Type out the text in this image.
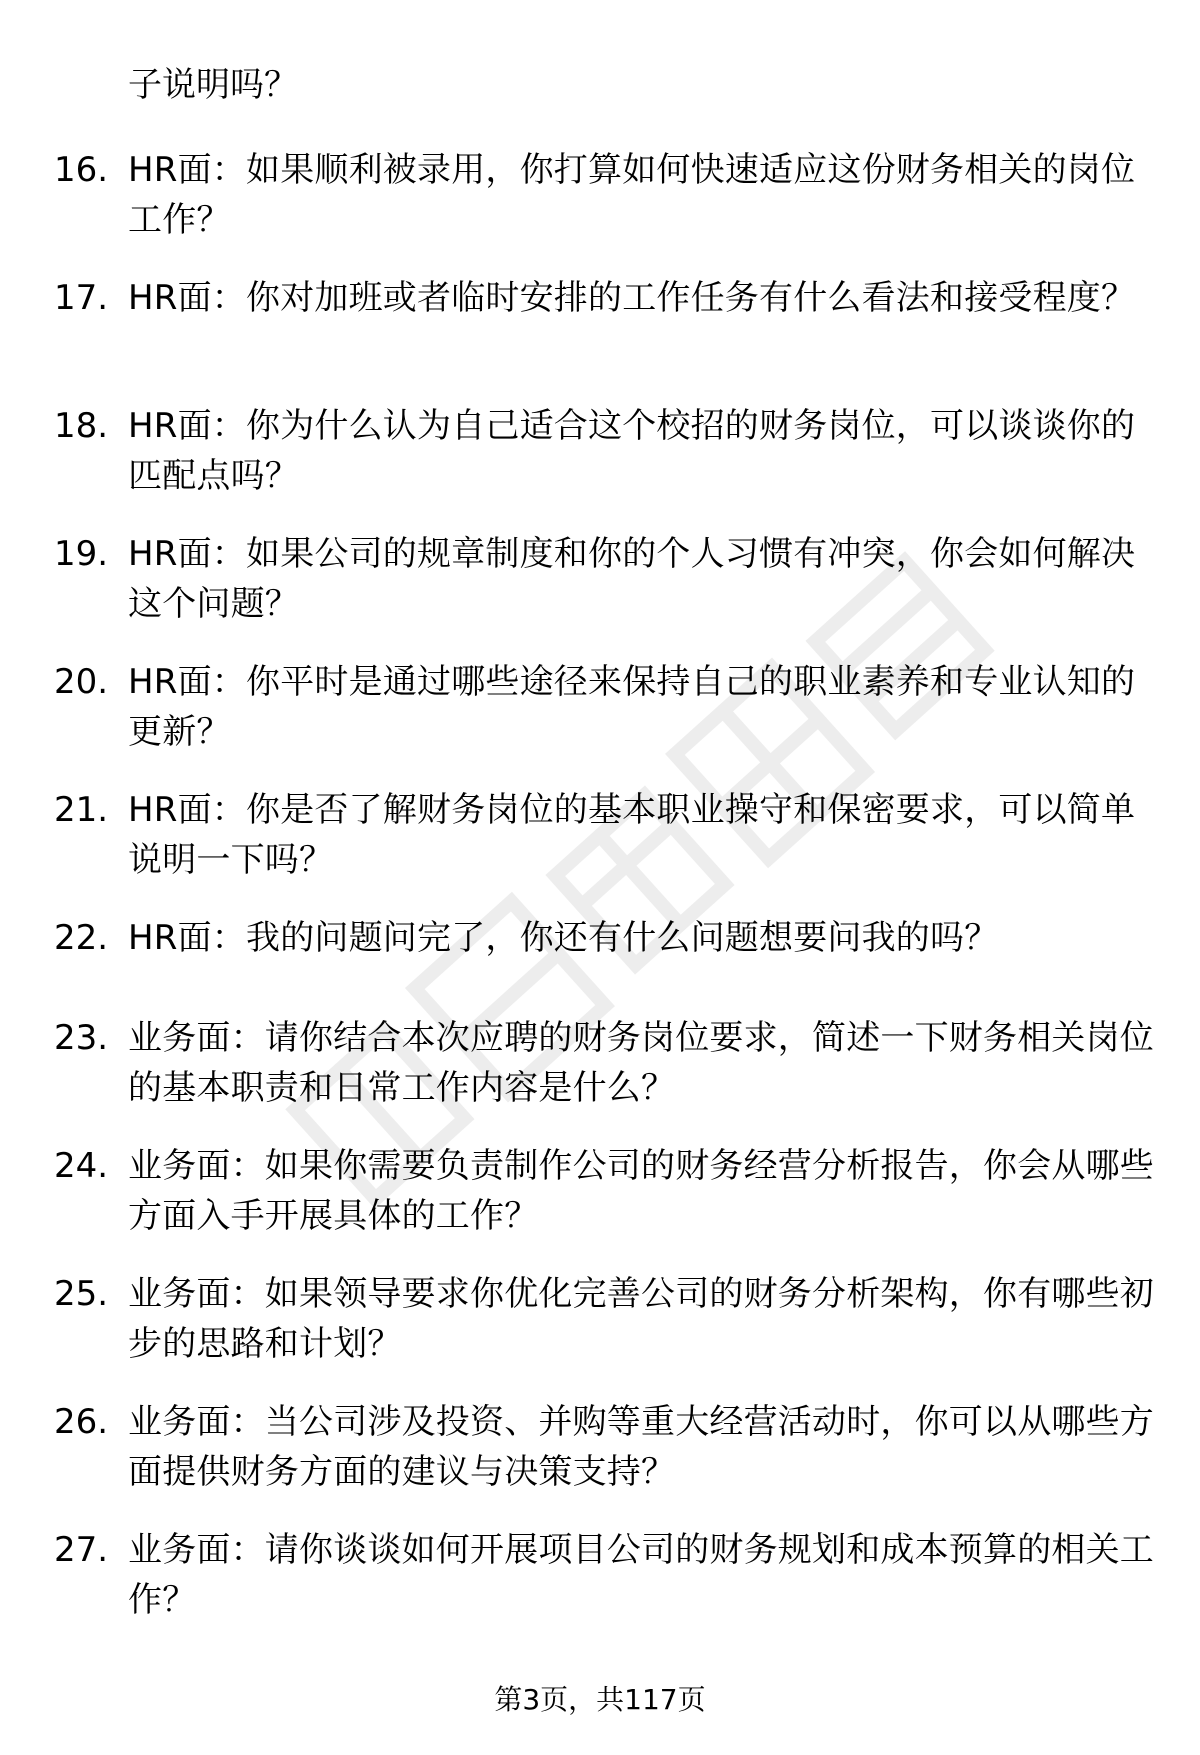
子说明吗？
16. HR面：如果顺利被录用，你打算如何快速适应这份财务相关的岗位工作？
17. HR面：你对加班或者临时安排的工作任务有什么看法和接受程度？
18. HR面：你为什么认为自己适合这个校招的财务岗位，可以谈谈你的匹配点吗？
19. HR面：如果公司的规章制度和你的个人习惯有冲突，你会如何解决这个问题？
20. HR面：你平时是通过哪些途径来保持自己的职业素养和专业认知的更新？
21. HR面：你是否了解财务岗位的基本职业操守和保密要求，可以简单说明一下吗？
22. HR面：我的问题问完了，你还有什么问题想要问我的吗？
23. 业务面：请你结合本次应聘的财务岗位要求，简述一下财务相关岗位的基本职责和日常工作内容是什么？
24. 业务面：如果你需要负责制作公司的财务经营分析报告，你会从哪些方面入手开展具体的工作？
25. 业务面：如果领导要求你优化完善公司的财务分析架构，你有哪些初步的思路和计划？
26. 业务面：当公司涉及投资、并购等重大经营活动时，你可以从哪些方面提供财务方面的建议与决策支持？
27. 业务面：请你谈谈如何开展项目公司的财务规划和成本预算的相关工作？
第3页，共117页
